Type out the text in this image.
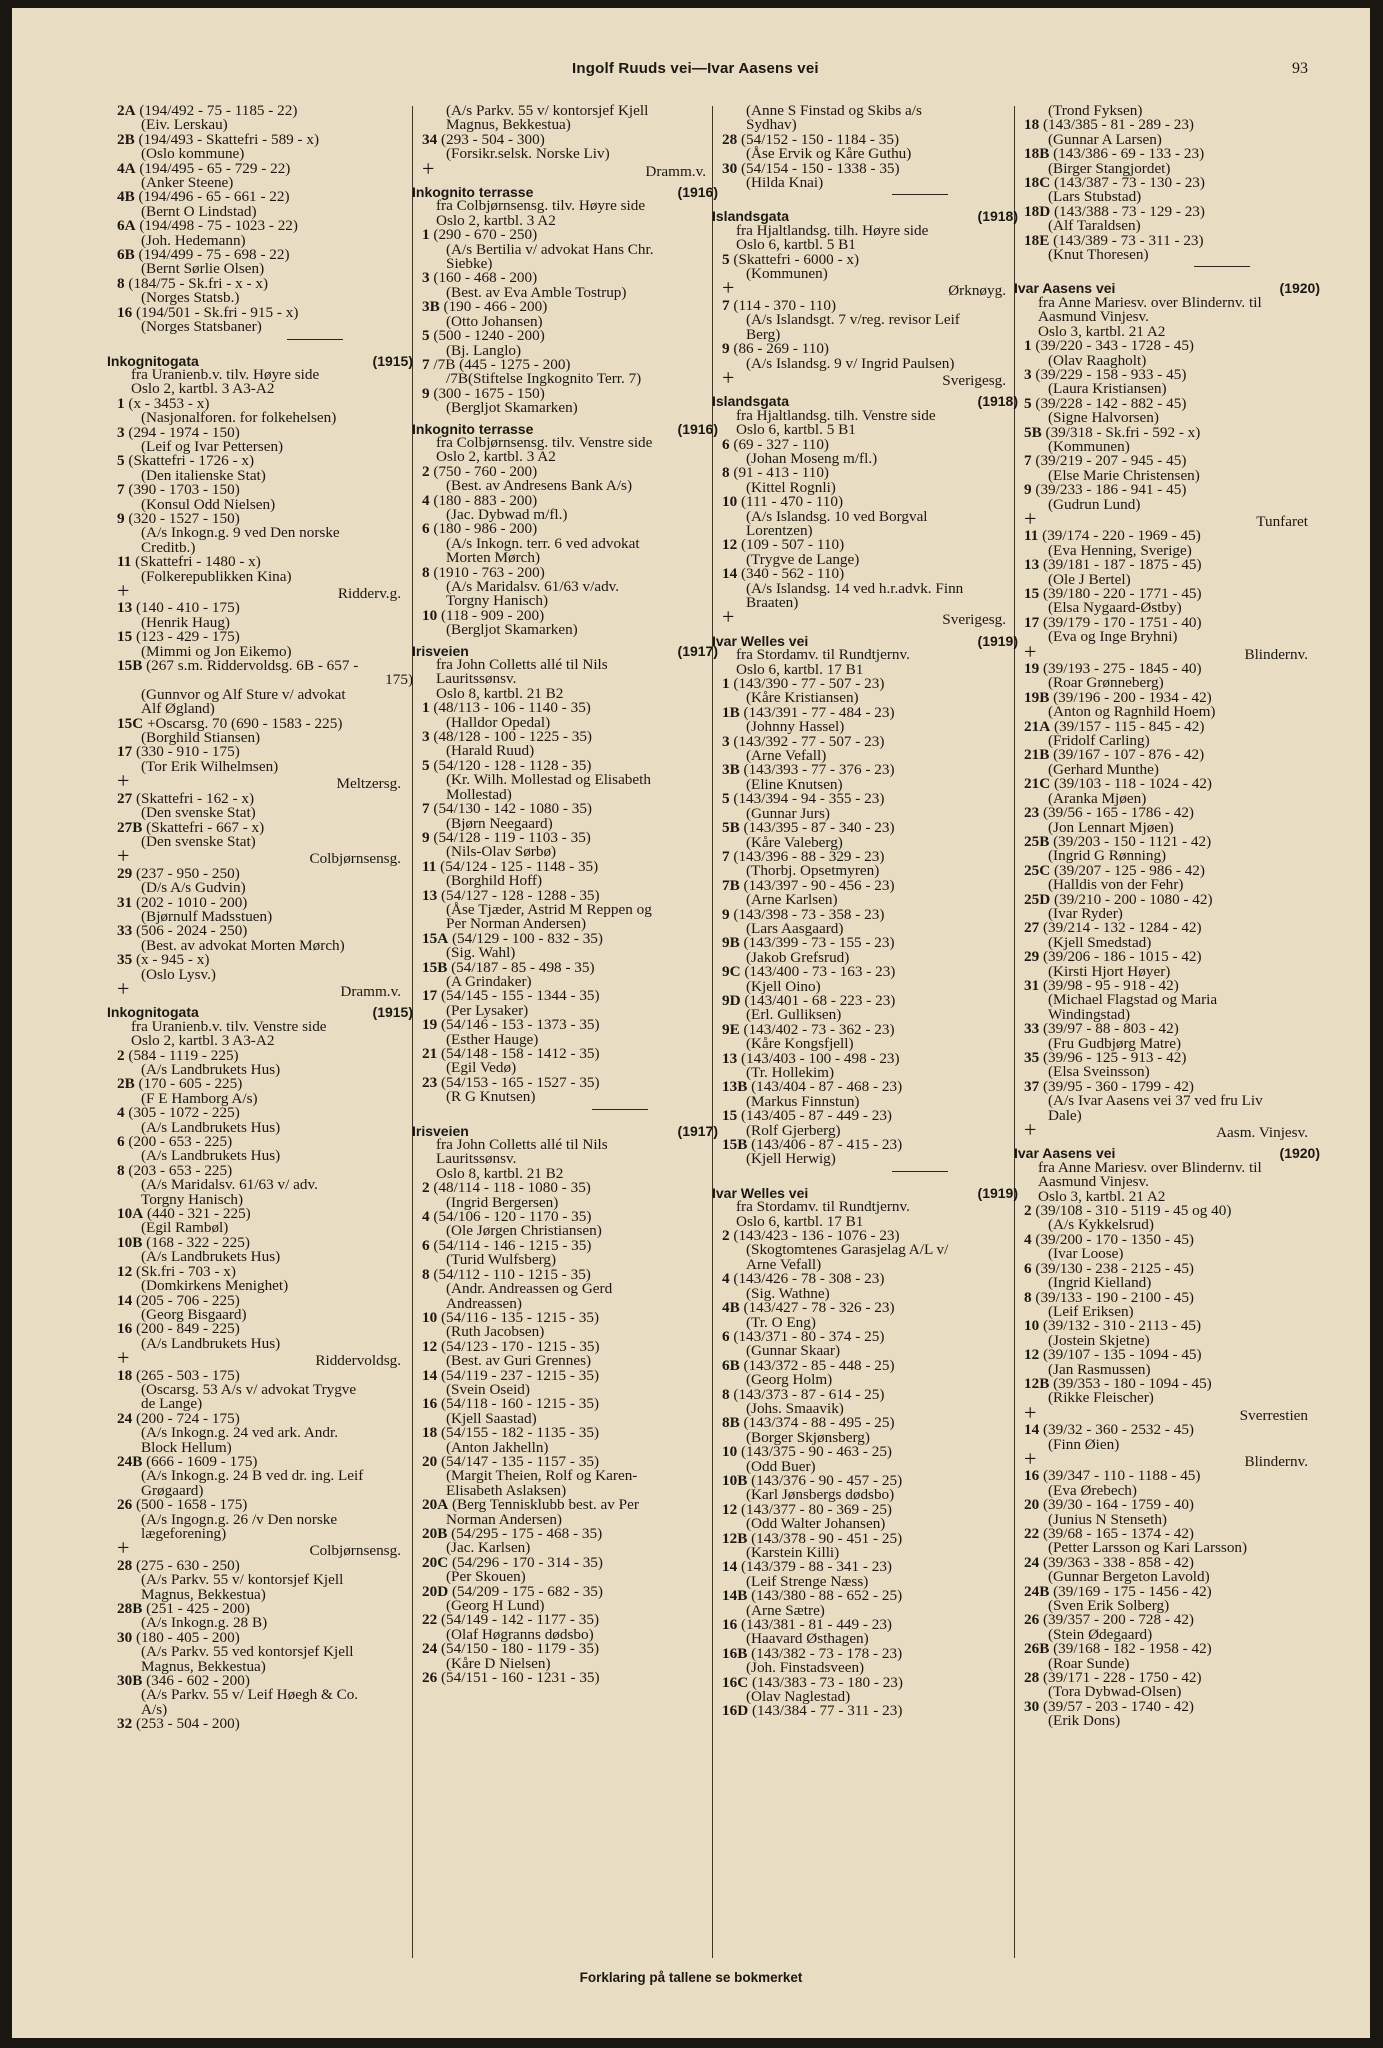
Ingolf Ruuds vei—Ivar Aasens vei	93
2A (194/492 - 75 - 1185 - 22)
(Eiv. Lerskau)
2B (194/493 - Skattefri - 589 - x)
(Oslo kommune)
4A (194/495 - 65 - 729 - 22)
(Anker Steene)
4B (194/496 - 65 - 661 - 22)
(Bernt O Lindstad)
6A (194/498 - 75 - 1023 - 22)
(Joh. Hedemann)
6B (194/499 - 75 - 698 - 22)
(Bernt Sørlie Olsen)
8 (184/75 - Sk.fri - x - x)
(Norges Statsb.)
16 (194/501 - Sk.fri - 915 - x)
(Norges Statsbaner)
Inkognitogata	(1915)
fra Uranienb.v. tilv. Høyre side
Oslo 2, kartbl. 3 A3-A2
1 (x - 3453 - x)
(Nasjonalforen. for folkehelsen)
3 (294 - 1974 - 150)
(Leif og Ivar Pettersen)
5 (Skattefri - 1726 - x)
(Den italienske Stat)
7 (390 - 1703 - 150)
(Konsul Odd Nielsen)
9 (320 - 1527 - 150)
(A/s Inkogn.g. 9 ved Den norske
Creditb.)
11 (Skattefri - 1480 - x)
(Folkerepublikken Kina)
+	Ridderv.g.
13 (140 - 410 - 175)
(Henrik Haug)
15 (123 - 429 - 175)
(Mimmi og Jon Eikemo)
15B (267 s.m. Riddervoldsg. 6B - 657 -
175)
(Gunnvor og Alf Sture v/ advokat
Alf Øgland)
15C +Oscarsg. 70 (690 - 1583 - 225)
(Borghild Stiansen)
17 (330 - 910 - 175)
(Tor Erik Wilhelmsen)
+	Meltzersg.
27 (Skattefri - 162 - x)
(Den svenske Stat)
27B (Skattefri - 667 - x)
(Den svenske Stat)
+	Colbjørnsensg.
29 (237 - 950 - 250)
(D/s A/s Gudvin)
31 (202 - 1010 - 200)
(Bjørnulf Madsstuen)
33 (506 - 2024 - 250)
(Best. av advokat Morten Mørch)
35 (x - 945 - x)
(Oslo Lysv.)
+	Dramm.v.
Inkognitogata	(1915)
fra Uranienb.v. tilv. Venstre side
Oslo 2, kartbl. 3 A3-A2
2 (584 - 1119 - 225)
(A/s Landbrukets Hus)
2B (170 - 605 - 225)
(F E Hamborg A/s)
4 (305 - 1072 - 225)
(A/s Landbrukets Hus)
6 (200 - 653 - 225)
(A/s Landbrukets Hus)
8 (203 - 653 - 225)
(A/s Maridalsv. 61/63 v/ adv.
Torgny Hanisch)
10A (440 - 321 - 225)
(Egil Rambøl)
10B (168 - 322 - 225)
(A/s Landbrukets Hus)
12 (Sk.fri - 703 - x)
(Domkirkens Menighet)
14 (205 - 706 - 225)
(Georg Bisgaard)
16 (200 - 849 - 225)
(A/s Landbrukets Hus)
+	Riddervoldsg.
18 (265 - 503 - 175)
(Oscarsg. 53 A/s v/ advokat Trygve
de Lange)
24 (200 - 724 - 175)
(A/s Inkogn.g. 24 ved ark. Andr.
Block Hellum)
24B (666 - 1609 - 175)
(A/s Inkogn.g. 24 B ved dr. ing. Leif
Grøgaard)
26 (500 - 1658 - 175)
(A/s Ingogn.g. 26 /v Den norske
lægeforening)
+	Colbjørnsensg.
28 (275 - 630 - 250)
(A/s Parkv. 55 v/ kontorsjef Kjell
Magnus, Bekkestua)
28B (251 - 425 - 200)
(A/s Inkogn.g. 28 B)
30 (180 - 405 - 200)
(A/s Parkv. 55 ved kontorsjef Kjell
Magnus, Bekkestua)
30B (346 - 602 - 200)
(A/s Parkv. 55 v/ Leif Høegh & Co.
A/s)
32 (253 - 504 - 200)
(A/s Parkv. 55 v/ kontorsjef Kjell
Magnus, Bekkestua)
34 (293 - 504 - 300)
(Forsikr.selsk. Norske Liv)
+	Dramm.v.
Inkognito terrasse	(1916)
fra Colbjørnsensg. tilv. Høyre side
Oslo 2, kartbl. 3 A2
1 (290 - 670 - 250)
(A/s Bertilia v/ advokat Hans Chr.
Siebke)
3 (160 - 468 - 200)
(Best. av Eva Amble Tostrup)
3B (190 - 466 - 200)
(Otto Johansen)
5 (500 - 1240 - 200)
(Bj. Langlo)
7 /7B (445 - 1275 - 200)
/7B(Stiftelse Ingkognito Terr. 7)
9 (300 - 1675 - 150)
(Bergljot Skamarken)
Inkognito terrasse	(1916)
fra Colbjørnsensg. tilv. Venstre side
Oslo 2, kartbl. 3 A2
2 (750 - 760 - 200)
(Best. av Andresens Bank A/s)
4 (180 - 883 - 200)
(Jac. Dybwad m/fl.)
6 (180 - 986 - 200)
(A/s Inkogn. terr. 6 ved advokat
Morten Mørch)
8 (1910 - 763 - 200)
(A/s Maridalsv. 61/63 v/adv.
Torgny Hanisch)
10 (118 - 909 - 200)
(Bergljot Skamarken)
Irisveien	(1917)
fra John Colletts allé til Nils
Lauritssønsv.
Oslo 8, kartbl. 21 B2
1 (48/113 - 106 - 1140 - 35)
(Halldor Opedal)
3 (48/128 - 100 - 1225 - 35)
(Harald Ruud)
5 (54/120 - 128 - 1128 - 35)
(Kr. Wilh. Mollestad og Elisabeth
Mollestad)
7 (54/130 - 142 - 1080 - 35)
(Bjørn Neegaard)
9 (54/128 - 119 - 1103 - 35)
(Nils-Olav Sørbø)
11 (54/124 - 125 - 1148 - 35)
(Borghild Hoff)
13 (54/127 - 128 - 1288 - 35)
(Åse Tjæder, Astrid M Reppen og
Per Norman Andersen)
15A (54/129 - 100 - 832 - 35)
(Sig. Wahl)
15B (54/187 - 85 - 498 - 35)
(A Grindaker)
17 (54/145 - 155 - 1344 - 35)
(Per Lysaker)
19 (54/146 - 153 - 1373 - 35)
(Esther Hauge)
21 (54/148 - 158 - 1412 - 35)
(Egil Vedø)
23 (54/153 - 165 - 1527 - 35)
(R G Knutsen)
Irisveien	(1917)
fra John Colletts allé til Nils
Lauritssønsv.
Oslo 8, kartbl. 21 B2
2 (48/114 - 118 - 1080 - 35)
(Ingrid Bergersen)
4 (54/106 - 120 - 1170 - 35)
(Ole Jørgen Christiansen)
6 (54/114 - 146 - 1215 - 35)
(Turid Wulfsberg)
8 (54/112 - 110 - 1215 - 35)
(Andr. Andreassen og Gerd
Andreassen)
10 (54/116 - 135 - 1215 - 35)
(Ruth Jacobsen)
12 (54/123 - 170 - 1215 - 35)
(Best. av Guri Grennes)
14 (54/119 - 237 - 1215 - 35)
(Svein Oseid)
16 (54/118 - 160 - 1215 - 35)
(Kjell Saastad)
18 (54/155 - 182 - 1135 - 35)
(Anton Jakhelln)
20 (54/147 - 135 - 1157 - 35)
(Margit Theien, Rolf og Karen-
Elisabeth Aslaksen)
20A (Berg Tennisklubb best. av Per
Norman Andersen)
20B (54/295 - 175 - 468 - 35)
(Jac. Karlsen)
20C (54/296 - 170 - 314 - 35)
(Per Skouen)
20D (54/209 - 175 - 682 - 35)
(Georg H Lund)
22 (54/149 - 142 - 1177 - 35)
(Olaf Høgranns dødsbo)
24 (54/150 - 180 - 1179 - 35)
(Kåre D Nielsen)
26 (54/151 - 160 - 1231 - 35)
(Anne S Finstad og Skibs a/s
Sydhav)
28 (54/152 - 150 - 1184 - 35)
(Åse Ervik og Kåre Guthu)
30 (54/154 - 150 - 1338 - 35)
(Hilda Knai)
Islandsgata	(1918)
fra Hjaltlandsg. tilh. Høyre side
Oslo 6, kartbl. 5 B1
5 (Skattefri - 6000 - x)
(Kommunen)
+	Ørknøyg.
7 (114 - 370 - 110)
(A/s Islandsgt. 7 v/reg. revisor Leif
Berg)
9 (86 - 269 - 110)
(A/s Islandsg. 9 v/ Ingrid Paulsen)
+	Sverigesg.
Islandsgata	(1918)
fra Hjaltlandsg. tilh. Venstre side
Oslo 6, kartbl. 5 B1
6 (69 - 327 - 110)
(Johan Moseng m/fl.)
8 (91 - 413 - 110)
(Kittel Rognli)
10 (111 - 470 - 110)
(A/s Islandsg. 10 ved Borgval
Lorentzen)
12 (109 - 507 - 110)
(Trygve de Lange)
14 (340 - 562 - 110)
(A/s Islandsg. 14 ved h.r.advk. Finn
Braaten)
+	Sverigesg.
Ivar Welles vei	(1919)
fra Stordamv. til Rundtjernv.
Oslo 6, kartbl. 17 B1
1 (143/390 - 77 - 507 - 23)
(Kåre Kristiansen)
1B (143/391 - 77 - 484 - 23)
(Johnny Hassel)
3 (143/392 - 77 - 507 - 23)
(Arne Vefall)
3B (143/393 - 77 - 376 - 23)
(Eline Knutsen)
5 (143/394 - 94 - 355 - 23)
(Gunnar Jurs)
5B (143/395 - 87 - 340 - 23)
(Kåre Valeberg)
7 (143/396 - 88 - 329 - 23)
(Thorbj. Opsetmyren)
7B (143/397 - 90 - 456 - 23)
(Arne Karlsen)
9 (143/398 - 73 - 358 - 23)
(Lars Aasgaard)
9B (143/399 - 73 - 155 - 23)
(Jakob Grefsrud)
9C (143/400 - 73 - 163 - 23)
(Kjell Oino)
9D (143/401 - 68 - 223 - 23)
(Erl. Gulliksen)
9E (143/402 - 73 - 362 - 23)
(Kåre Kongsfjell)
13 (143/403 - 100 - 498 - 23)
(Tr. Hollekim)
13B (143/404 - 87 - 468 - 23)
(Markus Finnstun)
15 (143/405 - 87 - 449 - 23)
(Rolf Gjerberg)
15B (143/406 - 87 - 415 - 23)
(Kjell Herwig)
Ivar Welles vei	(1919)
fra Stordamv. til Rundtjernv.
Oslo 6, kartbl. 17 B1
2 (143/423 - 136 - 1076 - 23)
(Skogtomtenes Garasjelag A/L v/
Arne Vefall)
4 (143/426 - 78 - 308 - 23)
(Sig. Wathne)
4B (143/427 - 78 - 326 - 23)
(Tr. O Eng)
6 (143/371 - 80 - 374 - 25)
(Gunnar Skaar)
6B (143/372 - 85 - 448 - 25)
(Georg Holm)
8 (143/373 - 87 - 614 - 25)
(Johs. Smaavik)
8B (143/374 - 88 - 495 - 25)
(Borger Skjønsberg)
10 (143/375 - 90 - 463 - 25)
(Odd Buer)
10B (143/376 - 90 - 457 - 25)
(Karl Jønsbergs dødsbo)
12 (143/377 - 80 - 369 - 25)
(Odd Walter Johansen)
12B (143/378 - 90 - 451 - 25)
(Karstein Killi)
14 (143/379 - 88 - 341 - 23)
(Leif Strenge Næss)
14B (143/380 - 88 - 652 - 25)
(Arne Sætre)
16 (143/381 - 81 - 449 - 23)
(Haavard Østhagen)
16B (143/382 - 73 - 178 - 23)
(Joh. Finstadsveen)
16C (143/383 - 73 - 180 - 23)
(Olav Naglestad)
16D (143/384 - 77 - 311 - 23)
(Trond Fyksen)
18 (143/385 - 81 - 289 - 23)
(Gunnar A Larsen)
18B (143/386 - 69 - 133 - 23)
(Birger Stangjordet)
18C (143/387 - 73 - 130 - 23)
(Lars Stubstad)
18D (143/388 - 73 - 129 - 23)
(Alf Taraldsen)
18E (143/389 - 73 - 311 - 23)
(Knut Thoresen)
Ivar Aasens vei	(1920)
fra Anne Mariesv. over Blindernv. til
Aasmund Vinjesv.
Oslo 3, kartbl. 21 A2
1 (39/220 - 343 - 1728 - 45)
(Olav Raagholt)
3 (39/229 - 158 - 933 - 45)
(Laura Kristiansen)
5 (39/228 - 142 - 882 - 45)
(Signe Halvorsen)
5B (39/318 - Sk.fri - 592 - x)
(Kommunen)
7 (39/219 - 207 - 945 - 45)
(Else Marie Christensen)
9 (39/233 - 186 - 941 - 45)
(Gudrun Lund)
+	Tunfaret
11 (39/174 - 220 - 1969 - 45)
(Eva Henning, Sverige)
13 (39/181 - 187 - 1875 - 45)
(Ole J Bertel)
15 (39/180 - 220 - 1771 - 45)
(Elsa Nygaard-Østby)
17 (39/179 - 170 - 1751 - 40)
(Eva og Inge Bryhni)
+	Blindernv.
19 (39/193 - 275 - 1845 - 40)
(Roar Grønneberg)
19B (39/196 - 200 - 1934 - 42)
(Anton og Ragnhild Hoem)
21A (39/157 - 115 - 845 - 42)
(Fridolf Carling)
21B (39/167 - 107 - 876 - 42)
(Gerhard Munthe)
21C (39/103 - 118 - 1024 - 42)
(Aranka Mjøen)
23 (39/56 - 165 - 1786 - 42)
(Jon Lennart Mjøen)
25B (39/203 - 150 - 1121 - 42)
(Ingrid G Rønning)
25C (39/207 - 125 - 986 - 42)
(Halldis von der Fehr)
25D (39/210 - 200 - 1080 - 42)
(Ivar Ryder)
27 (39/214 - 132 - 1284 - 42)
(Kjell Smedstad)
29 (39/206 - 186 - 1015 - 42)
(Kirsti Hjort Høyer)
31 (39/98 - 95 - 918 - 42)
(Michael Flagstad og Maria
Windingstad)
33 (39/97 - 88 - 803 - 42)
(Fru Gudbjørg Matre)
35 (39/96 - 125 - 913 - 42)
(Elsa Sveinsson)
37 (39/95 - 360 - 1799 - 42)
(A/s Ivar Aasens vei 37 ved fru Liv
Dale)
+	Aasm. Vinjesv.
Ivar Aasens vei	(1920)
fra Anne Mariesv. over Blindernv. til
Aasmund Vinjesv.
Oslo 3, kartbl. 21 A2
2 (39/108 - 310 - 5119 - 45 og 40)
(A/s Kykkelsrud)
4 (39/200 - 170 - 1350 - 45)
(Ivar Loose)
6 (39/130 - 238 - 2125 - 45)
(Ingrid Kielland)
8 (39/133 - 190 - 2100 - 45)
(Leif Eriksen)
10 (39/132 - 310 - 2113 - 45)
(Jostein Skjetne)
12 (39/107 - 135 - 1094 - 45)
(Jan Rasmussen)
12B (39/353 - 180 - 1094 - 45)
(Rikke Fleischer)
+	Sverrestien
14 (39/32 - 360 - 2532 - 45)
(Finn Øien)
+	Blindernv.
16 (39/347 - 110 - 1188 - 45)
(Eva Ørebech)
20 (39/30 - 164 - 1759 - 40)
(Junius N Stenseth)
22 (39/68 - 165 - 1374 - 42)
(Petter Larsson og Kari Larsson)
24 (39/363 - 338 - 858 - 42)
(Gunnar Bergeton Lavold)
24B (39/169 - 175 - 1456 - 42)
(Sven Erik Solberg)
26 (39/357 - 200 - 728 - 42)
(Stein Ødegaard)
26B (39/168 - 182 - 1958 - 42)
(Roar Sunde)
28 (39/171 - 228 - 1750 - 42)
(Tora Dybwad-Olsen)
30 (39/57 - 203 - 1740 - 42)
(Erik Dons)
Forklaring på tallene se bokmerket
